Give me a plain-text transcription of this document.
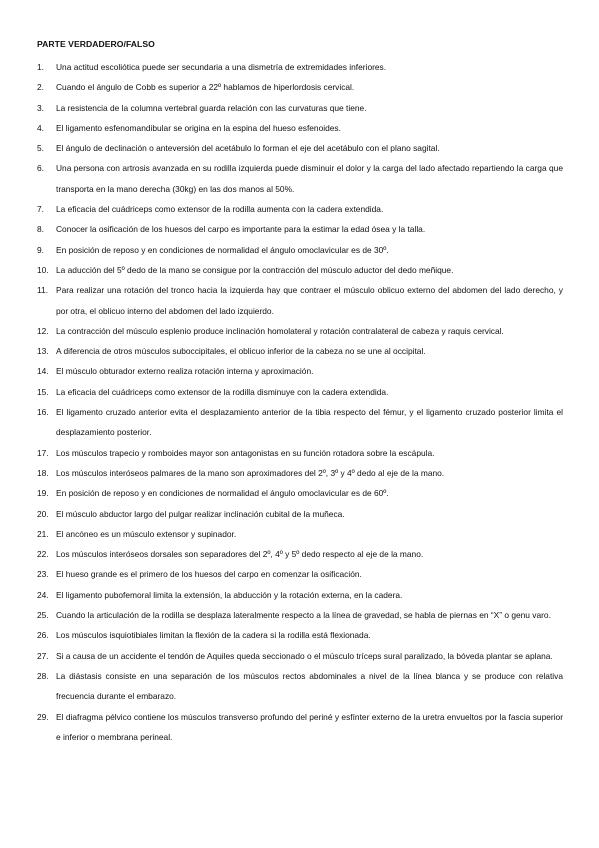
PARTE VERDADERO/FALSO
1.	Una actitud escoliótica puede ser secundaria a una dismetría de extremidades inferiores.
2.	Cuando el ángulo de Cobb es superior a 22º hablamos de hiperlordosis cervical.
3.	La resistencia de la columna vertebral guarda relación con las curvaturas que tiene.
4.	El ligamento esfenomandibular se origina en la espina del hueso esfenoides.
5.	El ángulo de declinación o anteversión del acetábulo lo forman el eje del acetábulo con el plano sagital.
6.	Una persona con artrosis avanzada en su rodilla izquierda puede disminuir el dolor y la carga del lado afectado repartiendo la carga que transporta en la mano derecha (30kg) en las dos manos al 50%.
7.	La eficacia del cuádriceps como extensor de la rodilla aumenta con la cadera extendida.
8.	Conocer la osificación de los huesos del carpo es importante para la estimar la edad ósea y la talla.
9.	En posición de reposo y en condiciones de normalidad el ángulo omoclavicular es de 30º.
10. La aducción del 5º dedo de la mano se consigue por la contracción del músculo aductor del dedo meñique.
11. Para realizar una rotación del tronco hacia la izquierda hay que contraer el músculo oblicuo externo del abdomen del lado derecho, y por otra, el oblicuo interno del abdomen del lado izquierdo.
12. La contracción del músculo esplenio produce inclinación homolateral y rotación contralateral de cabeza y raquis cervical.
13. A diferencia de otros músculos suboccipitales, el oblicuo inferior de la cabeza no se une al occipital.
14. El músculo obturador externo realiza rotación interna y aproximación.
15. La eficacia del cuádriceps como extensor de la rodilla disminuye con la cadera extendida.
16. El ligamento cruzado anterior evita el desplazamiento anterior de la tibia respecto del fémur, y el ligamento cruzado posterior limita el desplazamiento posterior.
17. Los músculos trapecio y romboides mayor son antagonistas en su función rotadora sobre la escápula.
18. Los músculos interóseos palmares de la mano son aproximadores del 2º, 3º y 4º dedo al eje de la mano.
19. En posición de reposo y en condiciones de normalidad el ángulo omoclavicular es de 60º.
20. El músculo abductor largo del pulgar realizar inclinación cubital de la muñeca.
21. El ancóneo es un músculo extensor y supinador.
22. Los músculos interóseos dorsales son separadores del 2º, 4º y 5º dedo respecto al eje de la mano.
23. El hueso grande es el primero de los huesos del carpo en comenzar la osificación.
24. El ligamento pubofemoral limita la extensión, la abducción y la rotación externa, en la cadera.
25. Cuando la articulación de la rodilla se desplaza lateralmente respecto a la línea de gravedad, se habla de piernas en “X” o genu varo.
26. Los músculos isquiotibiales limitan la flexión de la cadera si la rodilla está flexionada.
27. Si a causa de un accidente el tendón de Aquiles queda seccionado o el músculo tríceps sural paralizado, la bóveda plantar se aplana.
28. La diástasis consiste en una separación de los músculos rectos abdominales a nivel de la línea blanca y se produce con relativa frecuencia durante el embarazo.
29. El diafragma pélvico contiene los músculos transverso profundo del periné y esfínter externo de la uretra envueltos por la fascia superior e inferior o membrana perineal.
